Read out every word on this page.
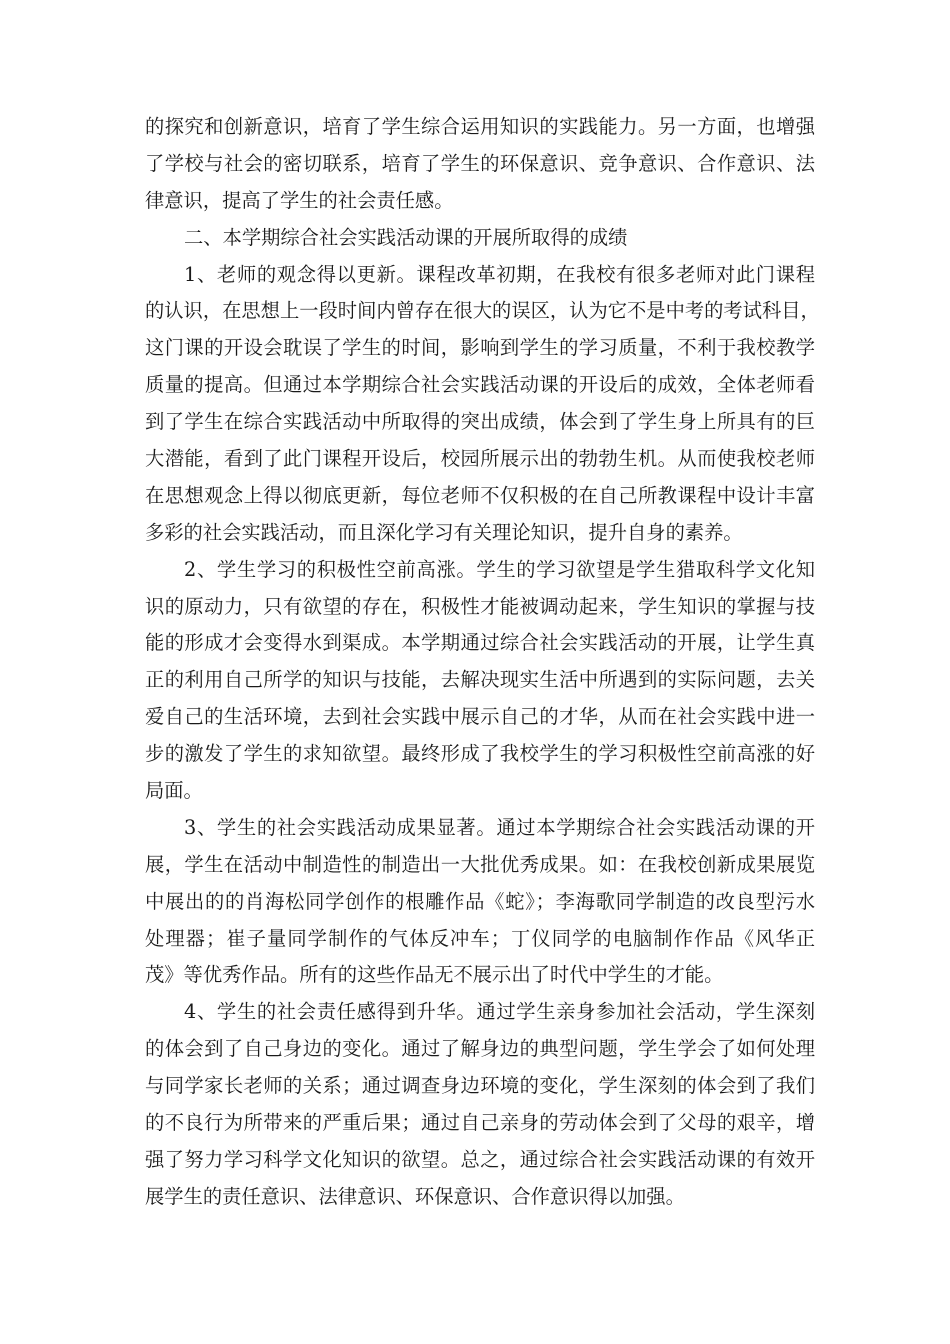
的探究和创新意识，培育了学生综合运用知识的实践能力。另一方面，也增强
了学校与社会的密切联系，培育了学生的环保意识、竞争意识、合作意识、法
律意识，提高了学生的社会责任感。
二、本学期综合社会实践活动课的开展所取得的成绩
1、老师的观念得以更新。课程改革初期，在我校有很多老师对此门课程
的认识，在思想上一段时间内曾存在很大的误区，认为它不是中考的考试科目，
这门课的开设会耽误了学生的时间，影响到学生的学习质量，不利于我校教学
质量的提高。但通过本学期综合社会实践活动课的开设后的成效，全体老师看
到了学生在综合实践活动中所取得的突出成绩，体会到了学生身上所具有的巨
大潜能，看到了此门课程开设后，校园所展示出的勃勃生机。从而使我校老师
在思想观念上得以彻底更新，每位老师不仅积极的在自己所教课程中设计丰富
多彩的社会实践活动，而且深化学习有关理论知识，提升自身的素养。
2、学生学习的积极性空前高涨。学生的学习欲望是学生猎取科学文化知
识的原动力，只有欲望的存在，积极性才能被调动起来，学生知识的掌握与技
能的形成才会变得水到渠成。本学期通过综合社会实践活动的开展，让学生真
正的利用自己所学的知识与技能，去解决现实生活中所遇到的实际问题，去关
爱自己的生活环境，去到社会实践中展示自己的才华，从而在社会实践中进一
步的激发了学生的求知欲望。最终形成了我校学生的学习积极性空前高涨的好
局面。
3、学生的社会实践活动成果显著。通过本学期综合社会实践活动课的开
展，学生在活动中制造性的制造出一大批优秀成果。如：在我校创新成果展览
中展出的的肖海松同学创作的根雕作品《蛇》；李海歌同学制造的改良型污水
处理器；崔子量同学制作的气体反冲车；丁仪同学的电脑制作作品《风华正
茂》等优秀作品。所有的这些作品无不展示出了时代中学生的才能。
4、学生的社会责任感得到升华。通过学生亲身参加社会活动，学生深刻
的体会到了自己身边的变化。通过了解身边的典型问题，学生学会了如何处理
与同学家长老师的关系；通过调查身边环境的变化，学生深刻的体会到了我们
的不良行为所带来的严重后果；通过自己亲身的劳动体会到了父母的艰辛，增
强了努力学习科学文化知识的欲望。总之，通过综合社会实践活动课的有效开
展学生的责任意识、法律意识、环保意识、合作意识得以加强。
